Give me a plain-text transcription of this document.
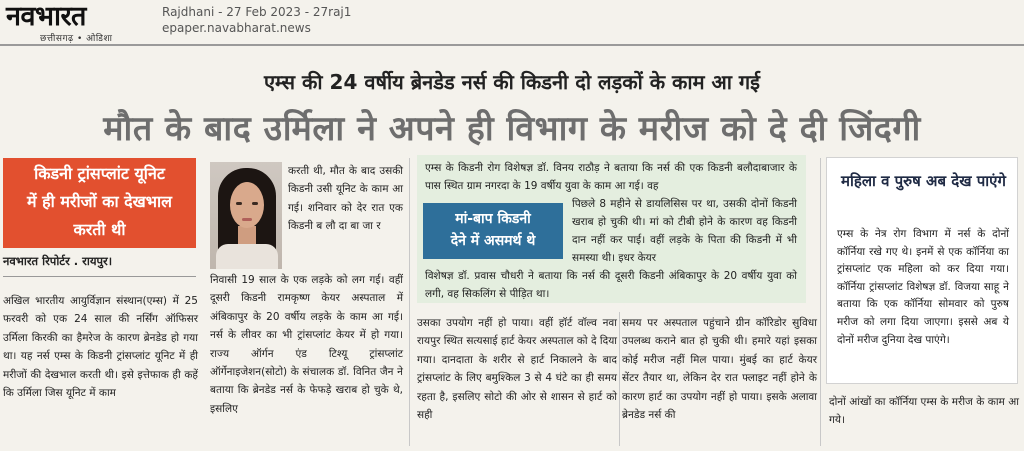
नवभारत
छत्तीसगढ़ • ओडिशा
Rajdhani - 27 Feb 2023 - 27raj1
epaper.navabharat.news
एम्स की 24 वर्षीय ब्रेनडेड नर्स की किडनी दो लड़कों के काम आ गई
मौत के बाद उर्मिला ने अपने ही विभाग के मरीज को दे दी जिंदगी
किडनी ट्रांसप्लांट यूनिट
में ही मरीजों का देखभाल
करती थी
नवभारत रिपोर्टर . रायपुर।
अखिल भारतीय आयुर्विज्ञान संस्थान(एम्स) में 25 फरवरी को एक 24 साल की नर्सिंग ऑफिसर उर्मिला किरकी का हैमरेज के कारण ब्रेनडेड हो गया था। यह नर्स एम्स के किडनी ट्रांसप्लांट यूनिट में ही मरीजों की देखभाल करती थी। इसे इत्तेफाक ही कहें कि उर्मिला जिस यूनिट में काम
करती थी, मौत के बाद उसकी किडनी उसी यूनिट के काम आ गई। शनिवार को देर रात एक किडनी ब लौ दा बा जा र
निवासी 19 साल के एक लड़के को लग गई। वहीं दूसरी किडनी रामकृष्ण केयर अस्पताल में अंबिकापुर के 20 वर्षीय लड़के के काम आ गई। नर्स के लीवर का भी ट्रांसप्लांट केयर में हो गया। राज्य ऑर्गन एंड टिश्यू ट्रांसप्लांट ऑर्गेनाइजेशन(सोटो) के संचालक डॉ. विनित जैन ने बताया कि ब्रेनडेड नर्स के फेफड़े खराब हो चुके थे, इसलिए
एम्स के किडनी रोग विशेषज्ञ डॉ. विनय राठौड़ ने बताया कि नर्स की एक किडनी बलौदाबाजार के पास स्थित ग्राम नगरदा के 19 वर्षीय युवा के काम आ गई। वह
मां-बाप किडनी
देने में असमर्थ थे
पिछले 8 महीने से डायलिसिस पर था, उसकी दोनों किडनी खराब हो चुकी थी। मां को टीबी होने के कारण वह किडनी दान नहीं कर पाई। वहीं लड़के के पिता की किडनी में भी समस्या थी। इधर केयर
विशेषज्ञ डॉ. प्रवास चौधरी ने बताया कि नर्स की दूसरी किडनी अंबिकापुर के 20 वर्षीय युवा को लगी, वह सिकलिंग से पीड़ित था।
उसका उपयोग नहीं हो पाया। वहीं हॉर्ट वॉल्व नवा रायपुर स्थित सत्यसाई हार्ट केयर अस्पताल को दे दिया गया। दानदाता के शरीर से हार्ट निकालने के बाद ट्रांसप्लांट के लिए बमुश्किल 3 से 4 घंटे का ही समय रहता है, इसलिए सोटो की ओर से शासन से हार्ट को सही
समय पर अस्पताल पहुंचाने ग्रीन कॉरिडोर सुविधा उपलब्ध कराने बात हो चुकी थी। हमारे यहां इसका कोई मरीज नहीं मिल पाया। मुंबई का हार्ट केयर सेंटर तैयार था, लेकिन देर रात फ्लाइट नहीं होने के कारण हार्ट का उपयोग नहीं हो पाया। इसके अलावा ब्रेनडेड नर्स की
महिला व पुरुष अब देख पाएंगे
एम्स के नेत्र रोग विभाग में नर्स के दोनों कॉर्निया रखे गए थे। इनमें से एक कॉर्निया का ट्रांसप्लांट एक महिला को कर दिया गया। कॉर्निया ट्रांसप्लांट विशेषज्ञ डॉ. विजया साहू ने बताया कि एक कॉर्निया सोमवार को पुरुष मरीज को लगा दिया जाएगा। इससे अब ये दोनों मरीज दुनिया देख पाएंगे।
दोनों आंखों का कॉर्निया एम्स के मरीज के काम आ गये।
